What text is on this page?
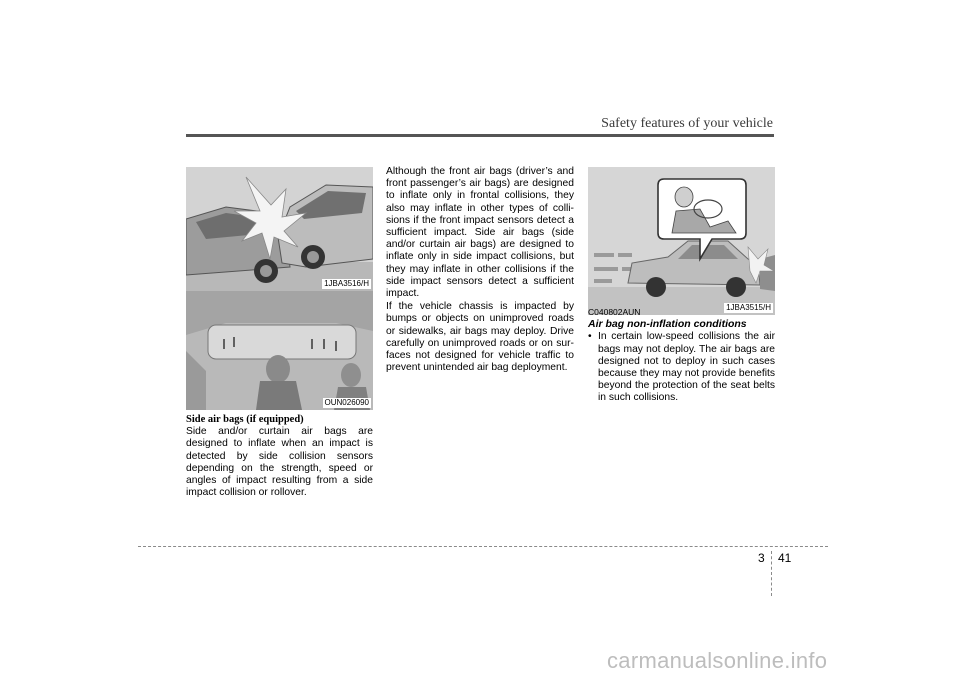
Safety features of your vehicle
1JBA3516/H
OUN026090
1JBA3515/H

Side air bags (if equipped)

Side and/or curtain air bags are designed to inflate when an impact is detected by side collision sensors depending on the strength, speed or angles of impact resulting from a side impact collision or rollover.

Although the front air bags (driver’s and front passenger’s air bags) are designed to inflate only in frontal collisions, they also may inflate in other types of colli-sions if the front impact sensors detect a sufficient impact. Side air bags (side and/or curtain air bags) are designed to inflate only in side impact collisions, but they may inflate in other collisions if the side impact sensors detect a sufficient impact.

If the vehicle chassis is impacted by bumps or objects on unimproved roads or sidewalks, air bags may deploy. Drive carefully on unimproved roads or on sur-faces not designed for vehicle traffic to prevent unintended air bag deployment.

C040802AUN

Air bag non-inflation conditions

• In certain low-speed collisions the air bags may not deploy. The air bags are designed not to deploy in such cases because they may not provide benefits beyond the protection of the seat belts in such collisions.
3 41
carmanualsonline.info
